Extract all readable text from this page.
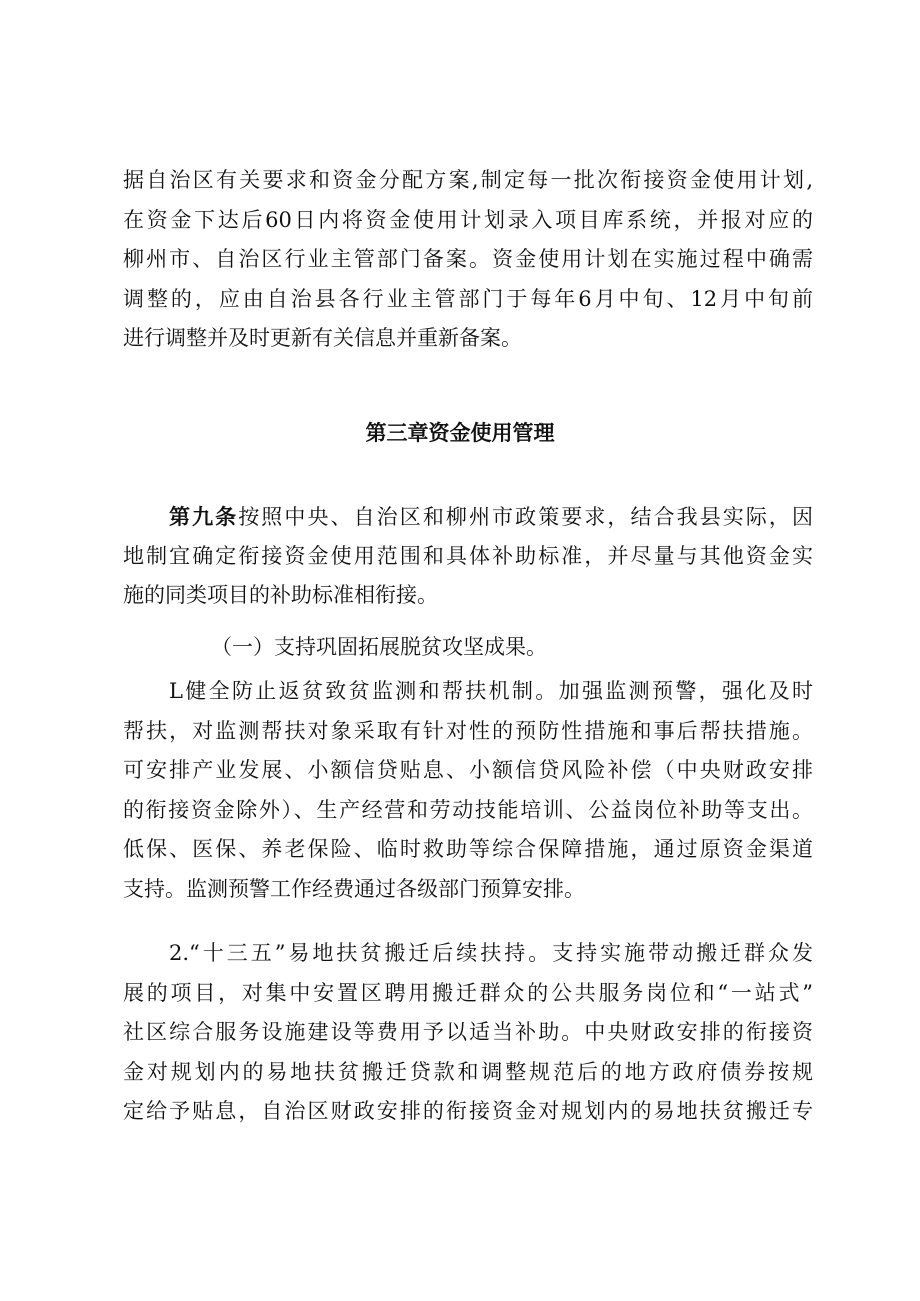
据自治区有关要求和资金分配方案,制定每一批次衔接资金使用计划,
在资金下达后60日内将资金使用计划录入项目库系统，并报对应的
柳州市、自治区行业主管部门备案。资金使用计划在实施过程中确需
调整的，应由自治县各行业主管部门于每年6月中旬、12月中旬前
进行调整并及时更新有关信息并重新备案。
第三章资金使用管理
第九条按照中央、自治区和柳州市政策要求，结合我县实际，因
地制宜确定衔接资金使用范围和具体补助标准，并尽量与其他资金实
施的同类项目的补助标准相衔接。
（一）支持巩固拓展脱贫攻坚成果。
L健全防止返贫致贫监测和帮扶机制。加强监测预警，强化及时
帮扶，对监测帮扶对象采取有针对性的预防性措施和事后帮扶措施。
可安排产业发展、小额信贷贴息、小额信贷风险补偿（中央财政安排
的衔接资金除外）、生产经营和劳动技能培训、公益岗位补助等支出。
低保、医保、养老保险、临时救助等综合保障措施，通过原资金渠道
支持。监测预警工作经费通过各级部门预算安排。
2.“十三五”易地扶贫搬迁后续扶持。支持实施带动搬迁群众发
展的项目，对集中安置区聘用搬迁群众的公共服务岗位和“一站式”
社区综合服务设施建设等费用予以适当补助。中央财政安排的衔接资
金对规划内的易地扶贫搬迁贷款和调整规范后的地方政府债券按规
定给予贴息，自治区财政安排的衔接资金对规划内的易地扶贫搬迁专
